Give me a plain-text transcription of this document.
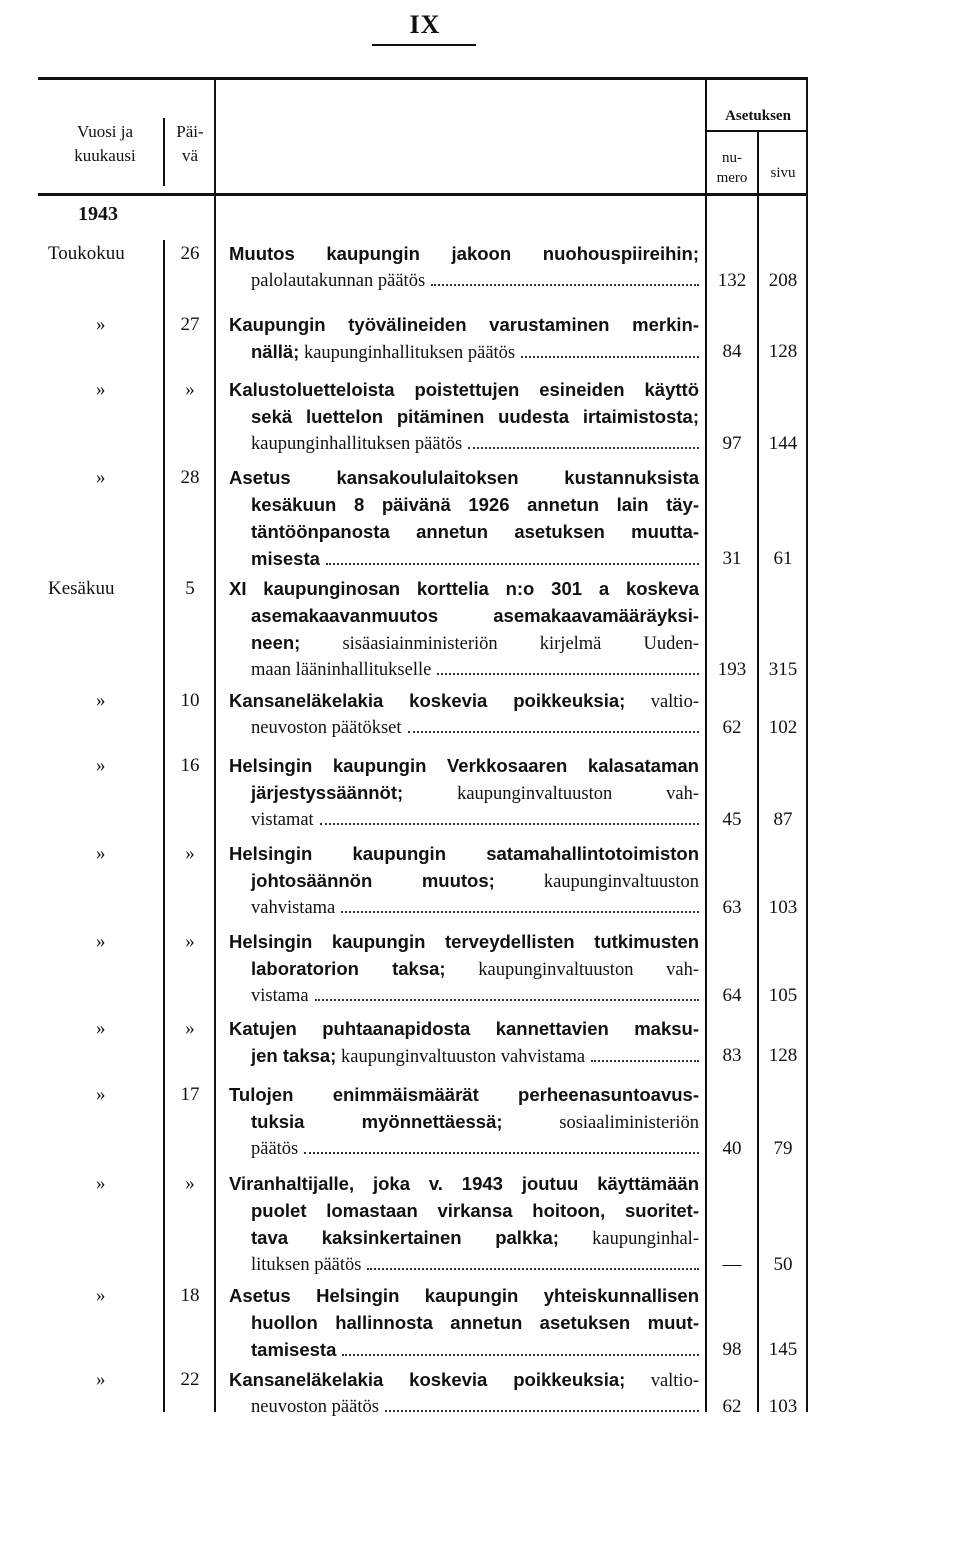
IX
Vuosi ja kuukausi
Päi-
vä
Asetuksen
nu-
mero	sivu
1943
Toukokuu	26	Muutos kaupungin jakoon nuohouspiireihin;
palolautakunnan päätös	132	208
»	27	Kaupungin työvälineiden varustaminen merkin-
nällä; kaupunginhallituksen päätös	84	128
»	»	Kalustoluetteloista poistettujen esineiden käyttö
sekä luettelon pitäminen uudesta irtaimistosta;
kaupunginhallituksen päätös	97	144
»	28	Asetus kansakoululaitoksen kustannuksista
kesäkuun 8 päivänä 1926 annetun lain täy-
täntöönpanosta annetun asetuksen muutta-
misesta	31	61
Kesäkuu	5	XI kaupunginosan korttelia n:o 301 a koskeva
asemakaavanmuutos asemakaavamääräyksi-
neen; sisäasiainministeriön kirjelmä Uuden-
maan lääninhallitukselle	193	315
»	10	Kansaneläkelakia koskevia poikkeuksia; valtio-
neuvoston päätökset	62	102
»	16	Helsingin kaupungin Verkkosaaren kalasataman
järjestyssäännöt; kaupunginvaltuuston vah-
vistamat	45	87
»	»	Helsingin kaupungin satamahallintotoimiston
johtosäännön muutos; kaupunginvaltuuston
vahvistama	63	103
»	»	Helsingin kaupungin terveydellisten tutkimusten
laboratorion taksa; kaupunginvaltuuston vah-
vistama	64	105
»	»	Katujen puhtaanapidosta kannettavien maksu-
jen taksa; kaupunginvaltuuston vahvistama	83	128
»	17	Tulojen enimmäismäärät perheenasuntoavus-
tuksia myönnettäessä; sosiaaliministeriön
päätös	40	79
»	»	Viranhaltijalle, joka v. 1943 joutuu käyttämään
puolet lomastaan virkansa hoitoon, suoritet-
tava kaksinkertainen palkka; kaupunginhal-
lituksen päätös	—	50
»	18	Asetus Helsingin kaupungin yhteiskunnallisen
huollon hallinnosta annetun asetuksen muut-
tamisesta	98	145
»	22	Kansaneläkelakia koskevia poikkeuksia; valtio-
neuvoston päätös	62	103
